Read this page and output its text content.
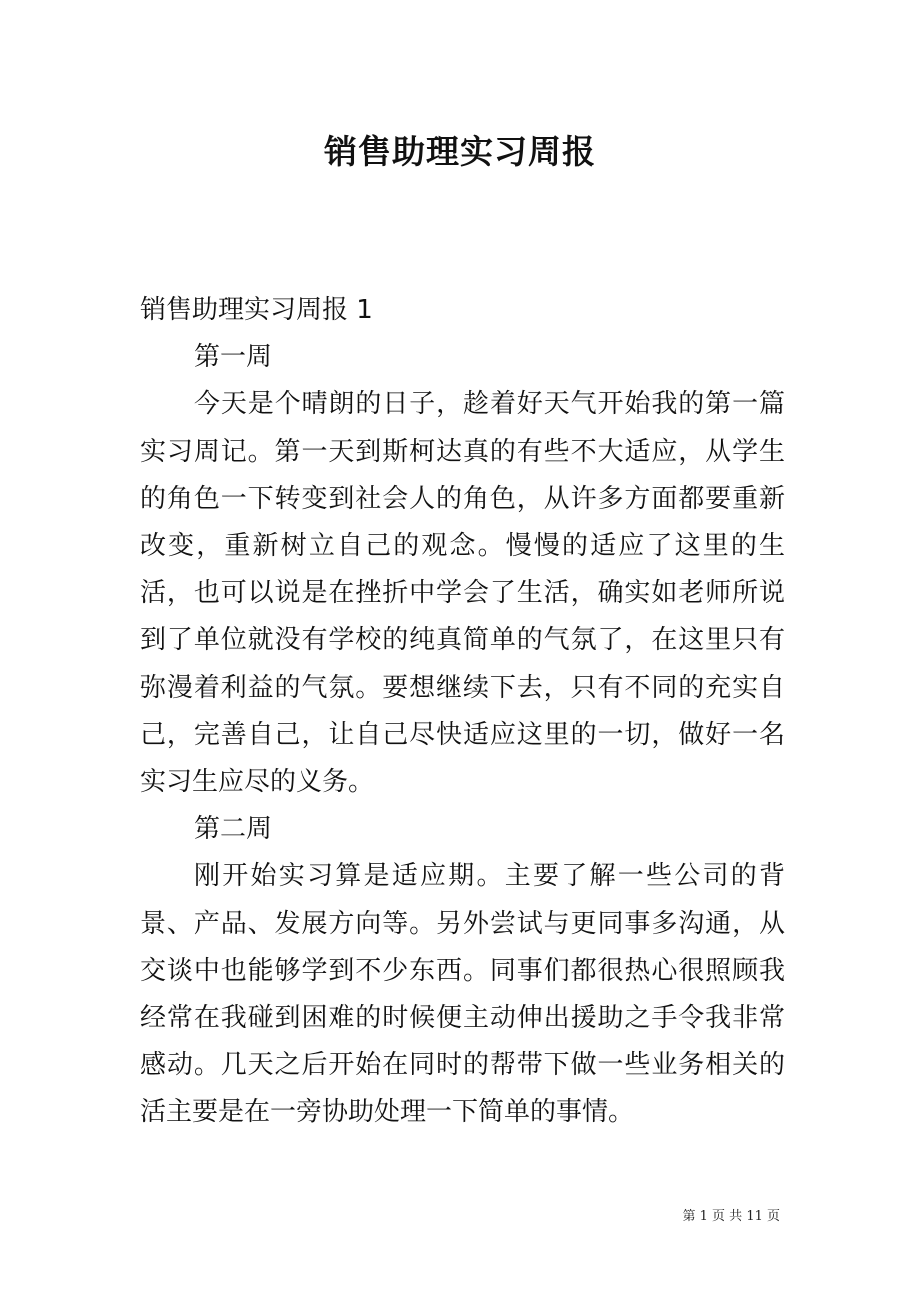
销售助理实习周报

销售助理实习周报 1

第一周

今天是个晴朗的日子，趁着好天气开始我的第一篇实习周记。第一天到斯柯达真的有些不大适应，从学生的角色一下转变到社会人的角色，从许多方面都要重新改变，重新树立自己的观念。慢慢的适应了这里的生活，也可以说是在挫折中学会了生活，确实如老师所说到了单位就没有学校的纯真简单的气氛了，在这里只有弥漫着利益的气氛。要想继续下去，只有不同的充实自己，完善自己，让自己尽快适应这里的一切，做好一名实习生应尽的义务。

第二周

刚开始实习算是适应期。主要了解一些公司的背景、产品、发展方向等。另外尝试与更同事多沟通，从交谈中也能够学到不少东西。同事们都很热心很照顾我经常在我碰到困难的时候便主动伸出援助之手令我非常感动。几天之后开始在同时的帮带下做一些业务相关的活主要是在一旁协助处理一下简单的事情。

第 1 页 共 11 页
